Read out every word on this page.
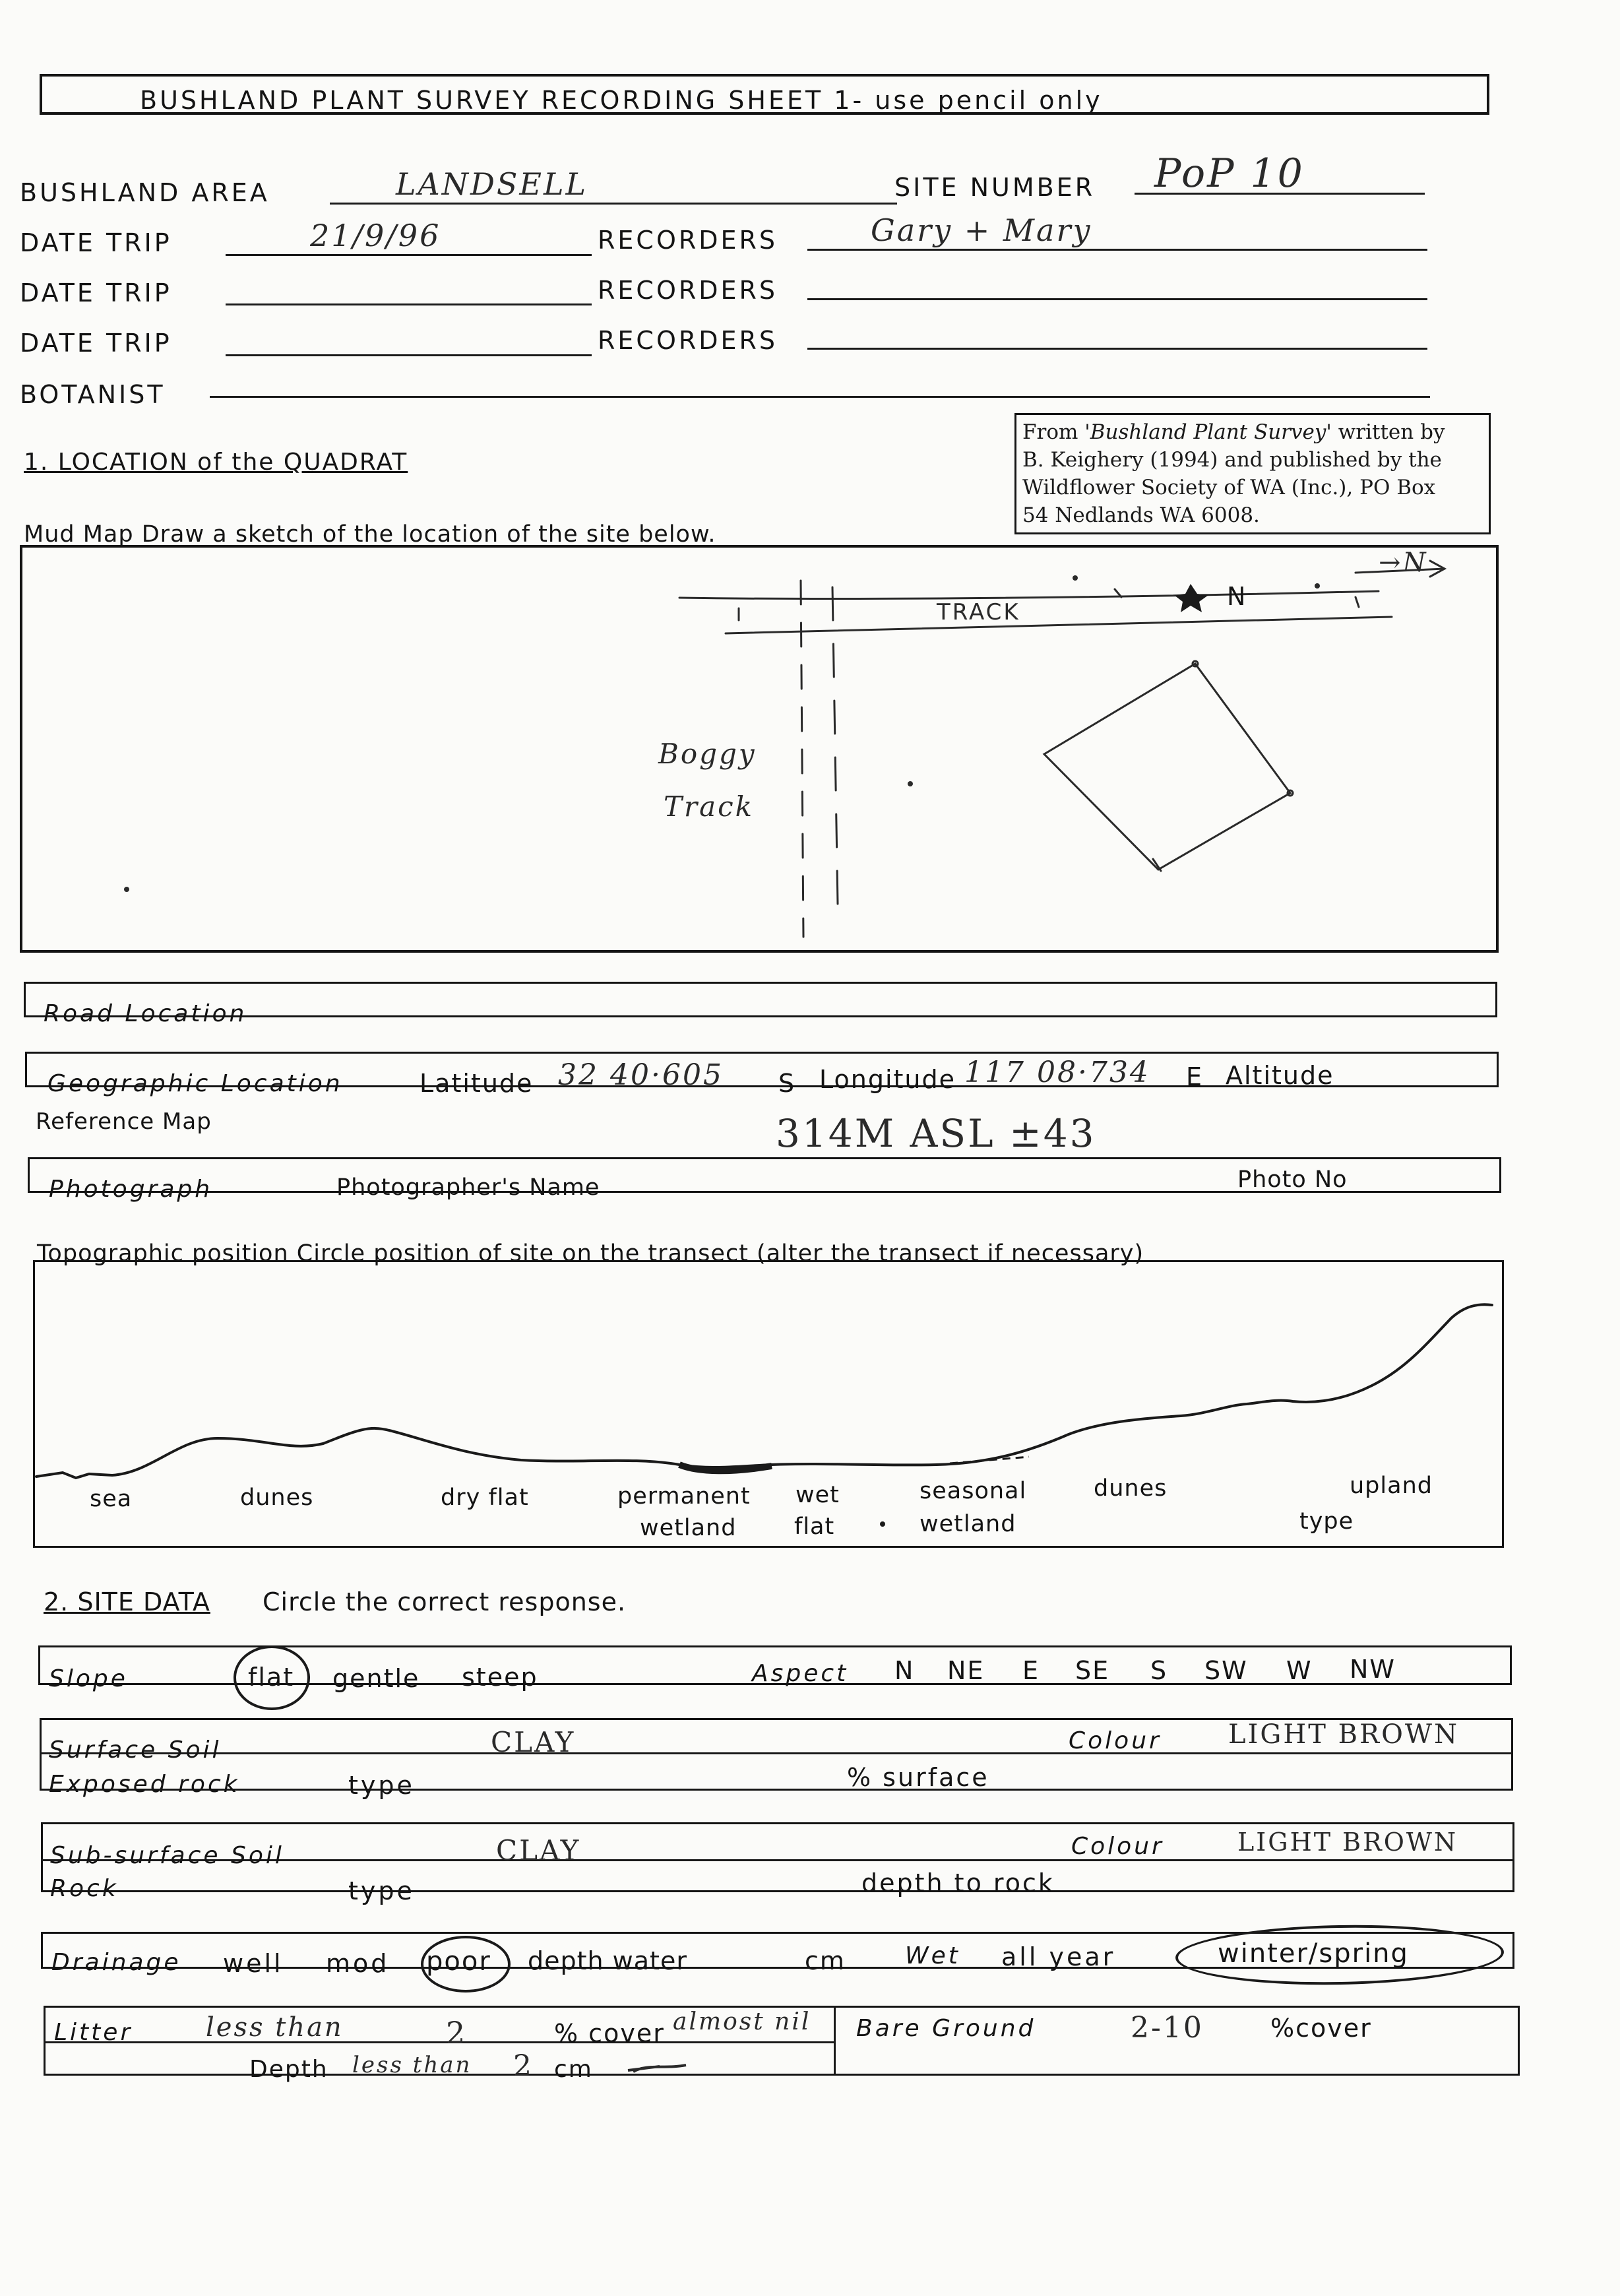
BUSHLAND PLANT SURVEY RECORDING SHEET 1- use pencil only
BUSHLAND AREA	LANDSELL	SITE NUMBER PoP 10
DATE TRIP	21/9/96	RECORDERS	Gary + Mary
DATE TRIP	RECORDERS
DATE TRIP	RECORDERS
BOTANIST
From 'Bushland Plant Survey' written by
B. Keighery (1994) and published by the
Wildflower Society of WA (Inc.), PO Box
54 Nedlands WA 6008.
1. LOCATION of the QUADRAT
Mud Map Draw a sketch of the location of the site below.
TRACK
N
→N
Boggy
Track
Road Location
Geographic Location	Latitude 32 40·605 S Longitude 117 08·734 E Altitude
Reference Map	314M ASL ±43
Photograph	Photographer's Name	Photo No
Topographic position Circle position of site on the transect (alter the transect if necessary)
sea	dunes	dry flat	permanent
wetland
wet
flat
seasonal
wetland
dunes	upland
type
2. SITE DATA Circle the correct response.
Slope	flat gentle steep	Aspect N NE E SE S SW W NW
Surface Soil	CLAY	Colour	LIGHT BROWN
Exposed rock	type	% surface
Sub-surface Soil	CLAY	Colour	LIGHT BROWN
Rock	type	depth to rock
Drainage well mod poor depth water	cm	Wet all year	winter/spring
Litter	less than	2	% cover almost nil
Depth less than 2 cm
Bare Ground	2-10	%cover
